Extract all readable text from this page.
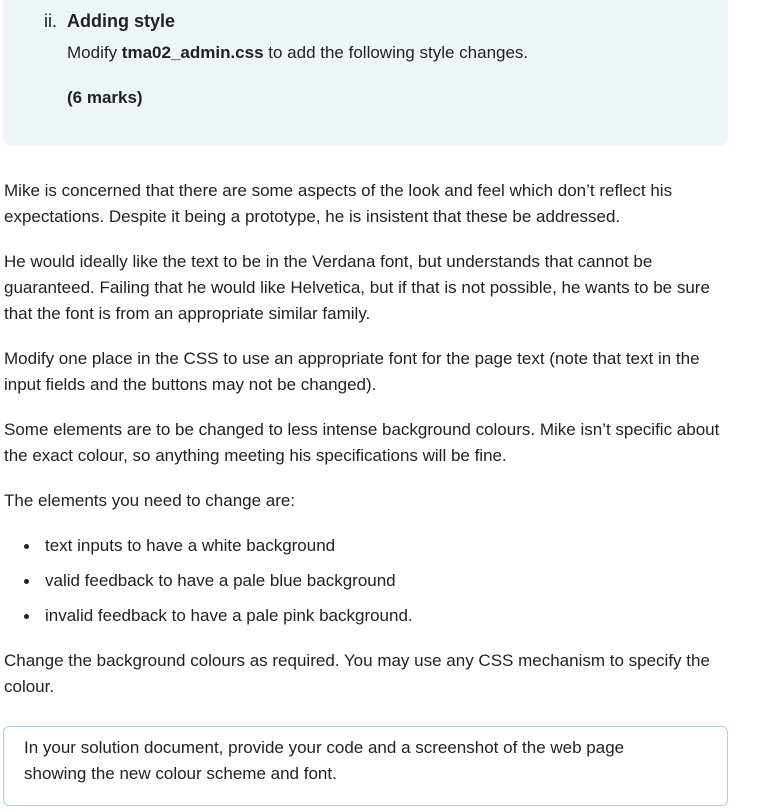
ii. Adding style
Modify tma02_admin.css to add the following style changes.
(6 marks)

Mike is concerned that there are some aspects of the look and feel which don’t reflect his expectations. Despite it being a prototype, he is insistent that these be addressed.

He would ideally like the text to be in the Verdana font, but understands that cannot be guaranteed. Failing that he would like Helvetica, but if that is not possible, he wants to be sure that the font is from an appropriate similar family.

Modify one place in the CSS to use an appropriate font for the page text (note that text in the input fields and the buttons may not be changed).

Some elements are to be changed to less intense background colours. Mike isn’t specific about the exact colour, so anything meeting his specifications will be fine.

The elements you need to change are:

text inputs to have a white background
valid feedback to have a pale blue background
invalid feedback to have a pale pink background.

Change the background colours as required. You may use any CSS mechanism to specify the colour.

In your solution document, provide your code and a screenshot of the web page showing the new colour scheme and font.
